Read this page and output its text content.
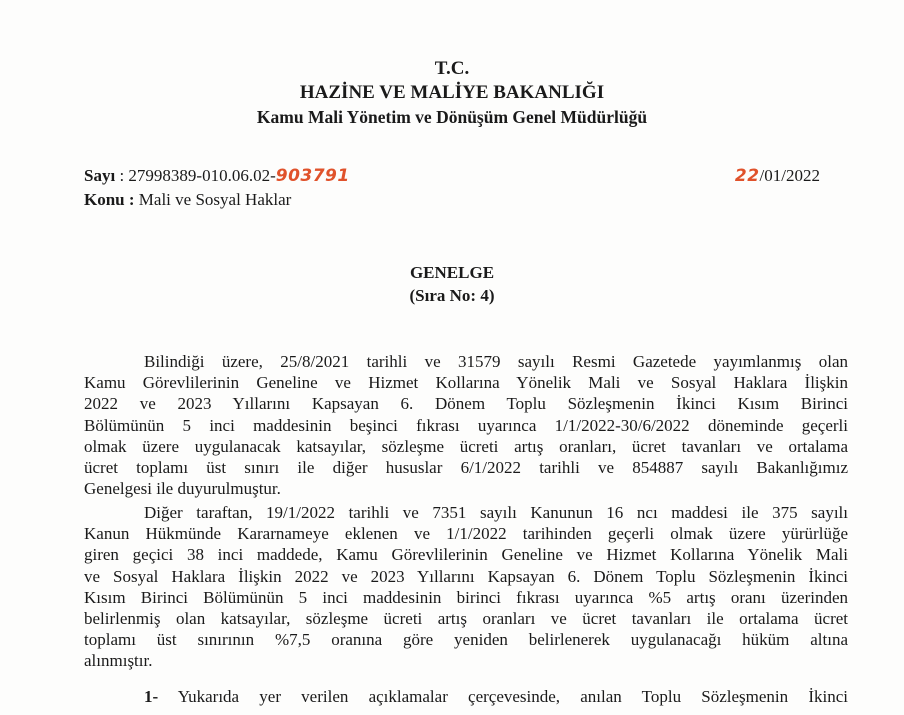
T.C.
HAZİNE VE MALİYE BAKANLIĞI
Kamu Mali Yönetim ve Dönüşüm Genel Müdürlüğü
Sayı : 27998389-010.06.02-903791
Konu : Mali ve Sosyal Haklar
22/01/2022
GENELGE
(Sıra No: 4)
Bilindiği üzere, 25/8/2021 tarihli ve 31579 sayılı Resmi Gazetede yayımlanmış olan
Kamu Görevlilerinin Geneline ve Hizmet Kollarına Yönelik Mali ve Sosyal Haklara İlişkin
2022 ve 2023 Yıllarını Kapsayan 6. Dönem Toplu Sözleşmenin İkinci Kısım Birinci
Bölümünün 5 inci maddesinin beşinci fıkrası uyarınca 1/1/2022-30/6/2022 döneminde geçerli
olmak üzere uygulanacak katsayılar, sözleşme ücreti artış oranları, ücret tavanları ve ortalama
ücret toplamı üst sınırı ile diğer hususlar 6/1/2022 tarihli ve 854887 sayılı Bakanlığımız
Genelgesi ile duyurulmuştur.
Diğer taraftan, 19/1/2022 tarihli ve 7351 sayılı Kanunun 16 ncı maddesi ile 375 sayılı
Kanun Hükmünde Kararnameye eklenen ve 1/1/2022 tarihinden geçerli olmak üzere yürürlüğe
giren geçici 38 inci maddede, Kamu Görevlilerinin Geneline ve Hizmet Kollarına Yönelik Mali
ve Sosyal Haklara İlişkin 2022 ve 2023 Yıllarını Kapsayan 6. Dönem Toplu Sözleşmenin İkinci
Kısım Birinci Bölümünün 5 inci maddesinin birinci fıkrası uyarınca %5 artış oranı üzerinden
belirlenmiş olan katsayılar, sözleşme ücreti artış oranları ve ücret tavanları ile ortalama ücret
toplamı üst sınırının %7,5 oranına göre yeniden belirlenerek uygulanacağı hüküm altına
alınmıştır.
1- Yukarıda yer verilen açıklamalar çerçevesinde, anılan Toplu Sözleşmenin İkinci
